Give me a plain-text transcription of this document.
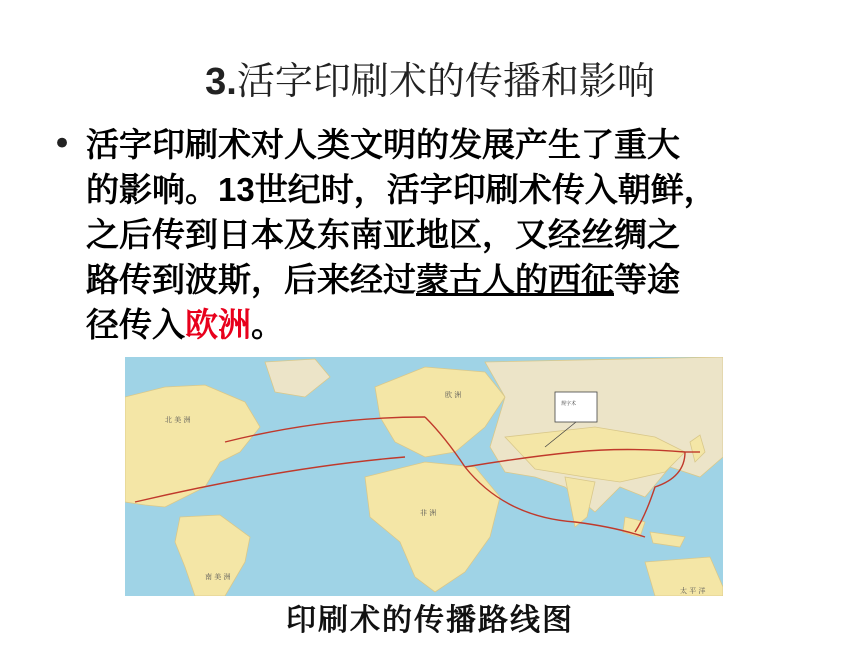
3.活字印刷术的传播和影响
• 活字印刷术对人类文明的发展产生了重大
的影响。13世纪时，活字印刷术传入朝鲜，
之后传到日本及东南亚地区，又经丝绸之
路传到波斯，后来经过蒙古人的西征等途
径传入欧洲。
北 美 洲
南 美 洲
非 洲
欧 洲
太 平 洋
规字术
印刷术的传播路线图
